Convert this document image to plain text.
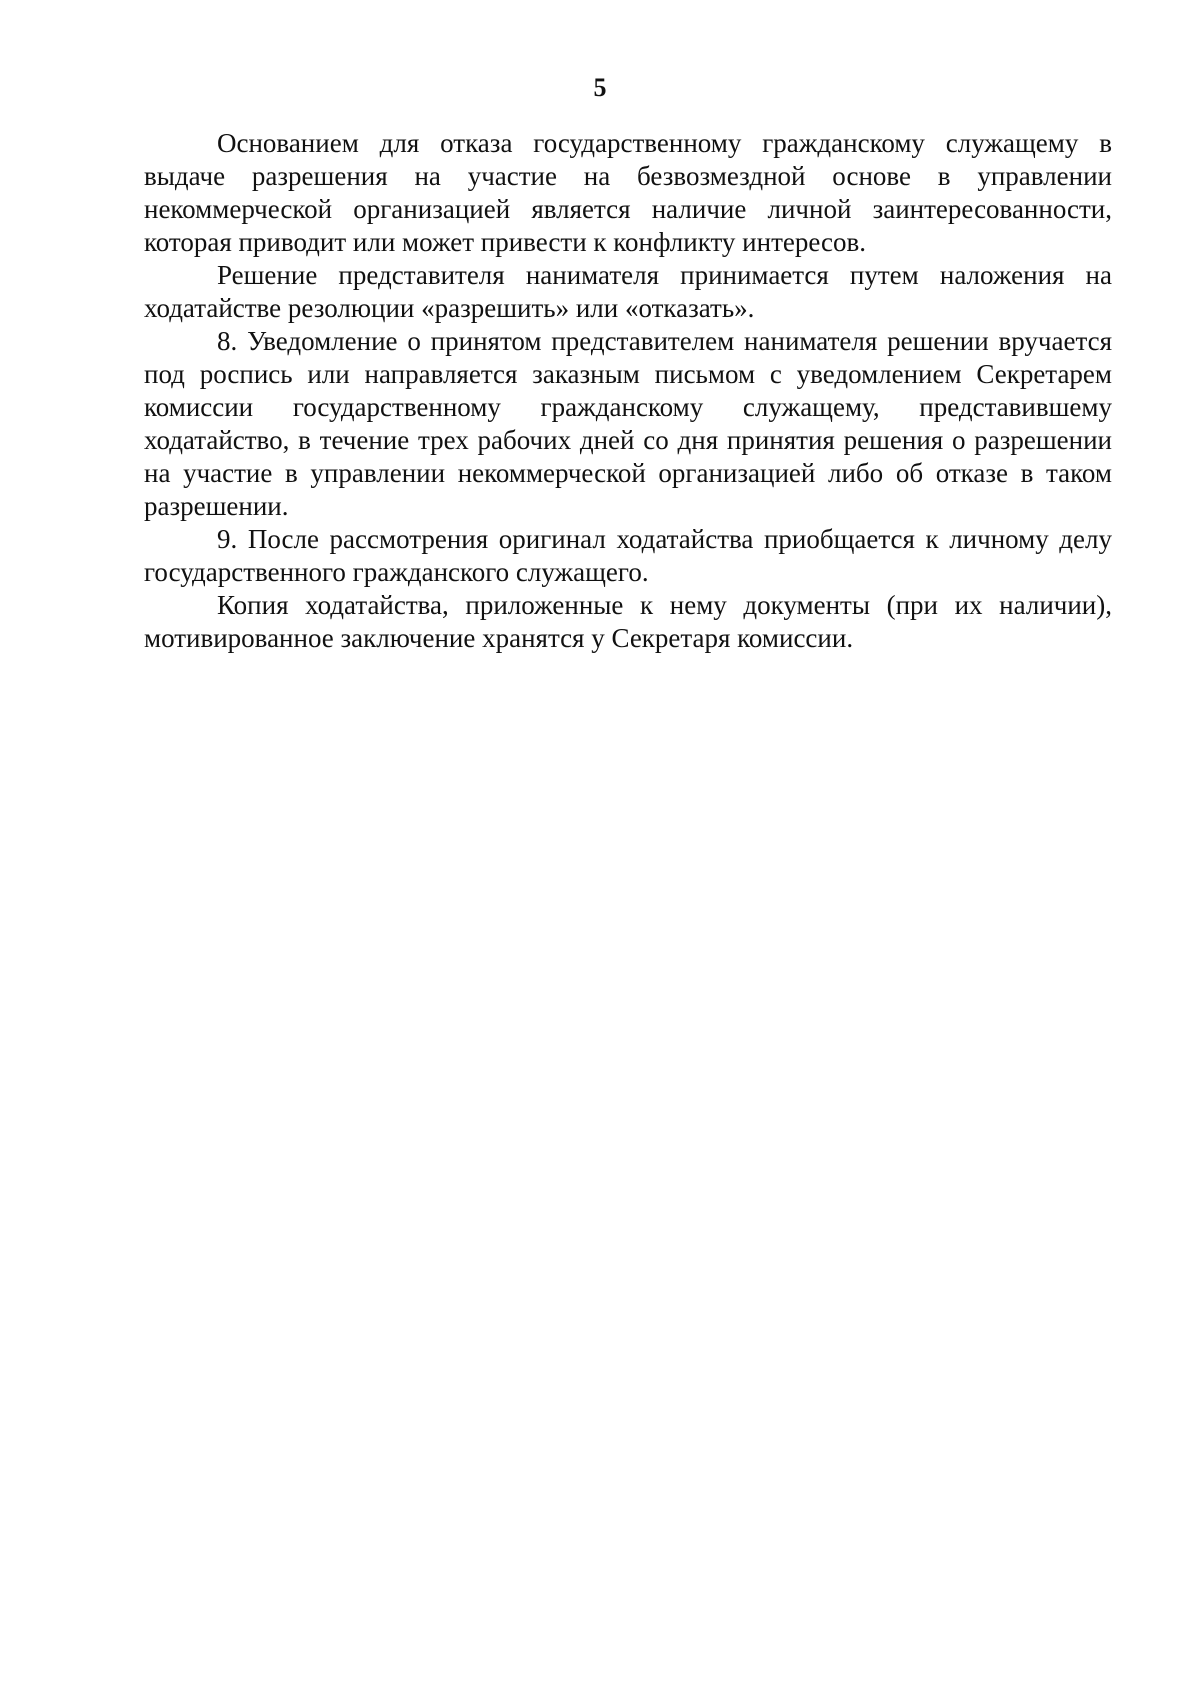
5

Основанием для отказа государственному гражданскому служащему в выдаче разрешения на участие на безвозмездной основе в управлении некоммерческой организацией является наличие личной заинтересованности, которая приводит или может привести к конфликту интересов.

Решение представителя нанимателя принимается путем наложения на ходатайстве резолюции «разрешить» или «отказать».

8. Уведомление о принятом представителем нанимателя решении вручается под роспись или направляется заказным письмом с уведомлением Секретарем комиссии государственному гражданскому служащему, представившему ходатайство, в течение трех рабочих дней со дня принятия решения о разрешении на участие в управлении некоммерческой организацией либо об отказе в таком разрешении.

9. После рассмотрения оригинал ходатайства приобщается к личному делу государственного гражданского служащего.

Копия ходатайства, приложенные к нему документы (при их наличии), мотивированное заключение хранятся у Секретаря комиссии.
